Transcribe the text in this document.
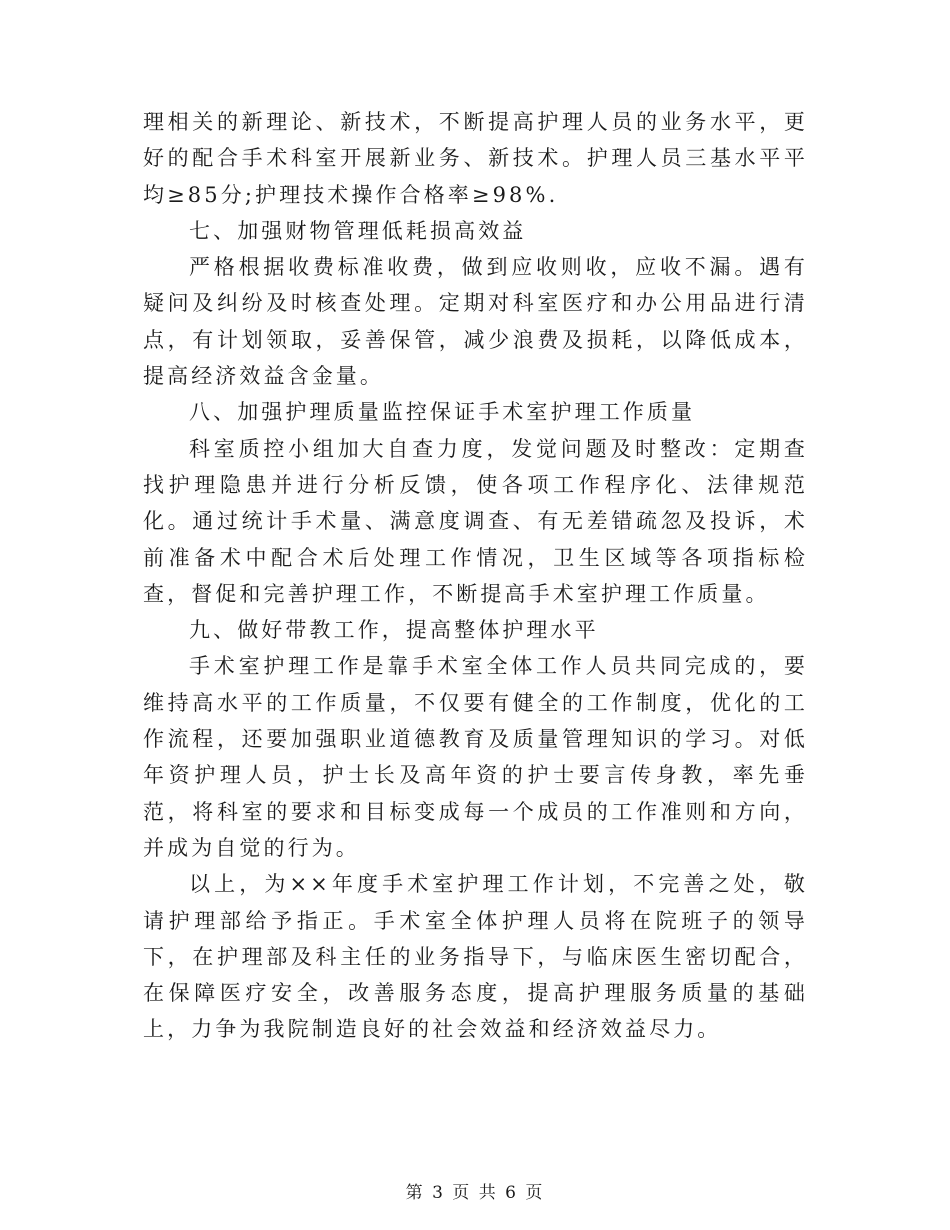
理相关的新理论、新技术，不断提高护理人员的业务水平，更好的配合手术科室开展新业务、新技术。护理人员三基水平平均≥85分;护理技术操作合格率≥98%.

七、加强财物管理低耗损高效益

严格根据收费标准收费，做到应收则收，应收不漏。遇有疑问及纠纷及时核查处理。定期对科室医疗和办公用品进行清点，有计划领取，妥善保管，减少浪费及损耗，以降低成本，提高经济效益含金量。

八、加强护理质量监控保证手术室护理工作质量

科室质控小组加大自查力度，发觉问题及时整改：定期查找护理隐患并进行分析反馈，使各项工作程序化、法律规范化。通过统计手术量、满意度调查、有无差错疏忽及投诉，术前准备术中配合术后处理工作情况，卫生区域等各项指标检查，督促和完善护理工作，不断提高手术室护理工作质量。

九、做好带教工作，提高整体护理水平

手术室护理工作是靠手术室全体工作人员共同完成的，要维持高水平的工作质量，不仅要有健全的工作制度，优化的工作流程，还要加强职业道德教育及质量管理知识的学习。对低年资护理人员，护士长及高年资的护士要言传身教，率先垂范，将科室的要求和目标变成每一个成员的工作准则和方向，并成为自觉的行为。

以上，为××年度手术室护理工作计划，不完善之处，敬请护理部给予指正。手术室全体护理人员将在院班子的领导下，在护理部及科主任的业务指导下，与临床医生密切配合，在保障医疗安全，改善服务态度，提高护理服务质量的基础上，力争为我院制造良好的社会效益和经济效益尽力。

第 3 页 共 6 页
